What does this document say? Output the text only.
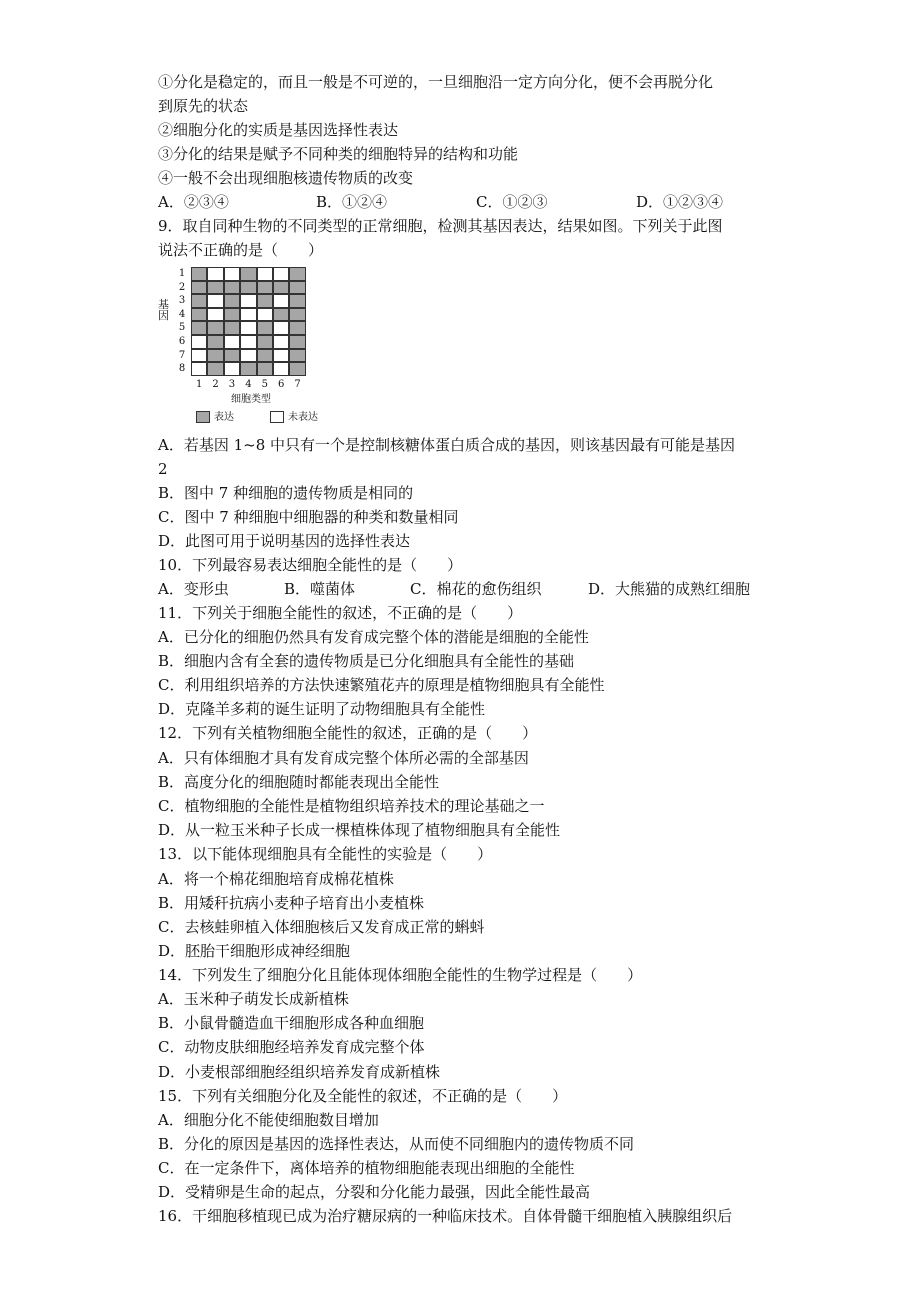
①分化是稳定的，而且一般是不可逆的，一旦细胞沿一定方向分化，便不会再脱分化
到原先的状态
②细胞分化的实质是基因选择性表达
③分化的结果是赋予不同种类的细胞特异的结构和功能
④一般不会出现细胞核遗传物质的改变
A．②③④	B．①②④	C．①②③	D．①②③④
9．取自同种生物的不同类型的正常细胞，检测其基因表达，结果如图。下列关于此图
说法不正确的是（　　）
基
因
1
2
3
4
5
6
7
8
1	2	3	4	5	6	7
细胞类型
表达	未表达
A．若基因 1~8 中只有一个是控制核糖体蛋白质合成的基因，则该基因最有可能是基因
2
B．图中 7 种细胞的遗传物质是相同的
C．图中 7 种细胞中细胞器的种类和数量相同
D．此图可用于说明基因的选择性表达
10．下列最容易表达细胞全能性的是（　　）
A．变形虫	B．噬菌体	C．棉花的愈伤组织	D．大熊猫的成熟红细胞
11．下列关于细胞全能性的叙述，不正确的是（　　）
A．已分化的细胞仍然具有发育成完整个体的潜能是细胞的全能性
B．细胞内含有全套的遗传物质是已分化细胞具有全能性的基础
C．利用组织培养的方法快速繁殖花卉的原理是植物细胞具有全能性
D．克隆羊多莉的诞生证明了动物细胞具有全能性
12．下列有关植物细胞全能性的叙述，正确的是（　　）
A．只有体细胞才具有发育成完整个体所必需的全部基因
B．高度分化的细胞随时都能表现出全能性
C．植物细胞的全能性是植物组织培养技术的理论基础之一
D．从一粒玉米种子长成一棵植株体现了植物细胞具有全能性
13．以下能体现细胞具有全能性的实验是（　　）
A．将一个棉花细胞培育成棉花植株
B．用矮秆抗病小麦种子培育出小麦植株
C．去核蛙卵植入体细胞核后又发育成正常的蝌蚪
D．胚胎干细胞形成神经细胞
14．下列发生了细胞分化且能体现体细胞全能性的生物学过程是（　　）
A．玉米种子萌发长成新植株
B．小鼠骨髓造血干细胞形成各种血细胞
C．动物皮肤细胞经培养发育成完整个体
D．小麦根部细胞经组织培养发育成新植株
15．下列有关细胞分化及全能性的叙述，不正确的是（　　）
A．细胞分化不能使细胞数目增加
B．分化的原因是基因的选择性表达，从而使不同细胞内的遗传物质不同
C．在一定条件下，离体培养的植物细胞能表现出细胞的全能性
D．受精卵是生命的起点，分裂和分化能力最强，因此全能性最高
16．干细胞移植现已成为治疗糖尿病的一种临床技术。自体骨髓干细胞植入胰腺组织后
